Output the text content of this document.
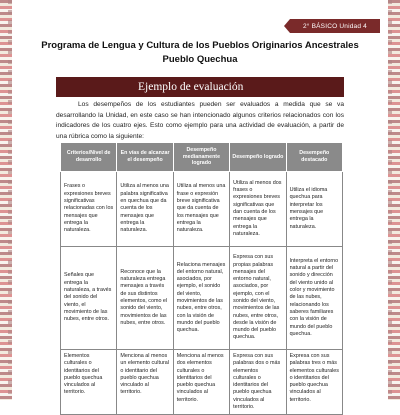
2° BÁSICO Unidad 4
Programa de Lengua y Cultura de los Pueblos Originarios Ancestrales
Pueblo Quechua
Ejemplo de evaluación
Los desempeños de los estudiantes pueden ser evaluados a medida que se va desarrollando la Unidad, en este caso se han intencionado algunos criterios relacionados con los indicadores de los cuatro ejes. Esto como ejemplo para una actividad de evaluación, a partir de una rúbrica como la siguiente:
Criterios/Nivel de desarrollo	En vías de alcanzar el desempeño	Desempeño medianamente logrado	Desempeño logrado	Desempeño destacado
Frases o expresiones breves significativas relacionadas con los mensajes que entrega la naturaleza.	Utiliza al menos una palabra significativa en quechua que da cuenta de los mensajes que entrega la naturaleza.	Utiliza al menos una frase o expresión breve significativa que da cuenta de los mensajes que entrega la naturaleza.	Utiliza al menos dos frases o expresiones breves significativas que dan cuenta de los mensajes que entrega la naturaleza.	Utiliza el idioma quechua para interpretar los mensajes que entrega la naturaleza.
Señales que entrega la naturaleza, a través del sonido del viento, el movimiento de las nubes, entre otros.	Reconoce que la naturaleza entrega mensajes a través de sus distintos elementos, como el sonido del viento, movimientos de las nubes, entre otros.	Relaciona mensajes del entorno natural, asociados, por ejemplo, el sonido del viento, movimientos de las nubes, entre otros, con la visión de mundo del pueblo quechua.	Expresa con sus propias palabras mensajes del entorno natural, asociados, por ejemplo, con el sonido del viento, movimientos de las nubes, entre otros, desde la visión de mundo del pueblo quechua.	Interpreta el entorno natural a partir del sonido y dirección del viento unido al color y movimiento de las nubes, relacionando los saberes familiares con la visión de mundo del pueblo quechua.
Elementos culturales o identitarios del pueblo quechua vinculados al territorio.	Menciona al menos un elemento cultural o identitario del pueblo quechua vinculado al territorio.	Menciona al menos dos elementos culturales o identitarios del pueblo quechua vinculados al territorio.	Expresa con sus palabras dos o más elementos culturales o identitarios del pueblo quechua vinculados al territorio.	Expresa con sus palabras tres o más elementos culturales o identitarios del pueblo quechua vinculados al territorio.
